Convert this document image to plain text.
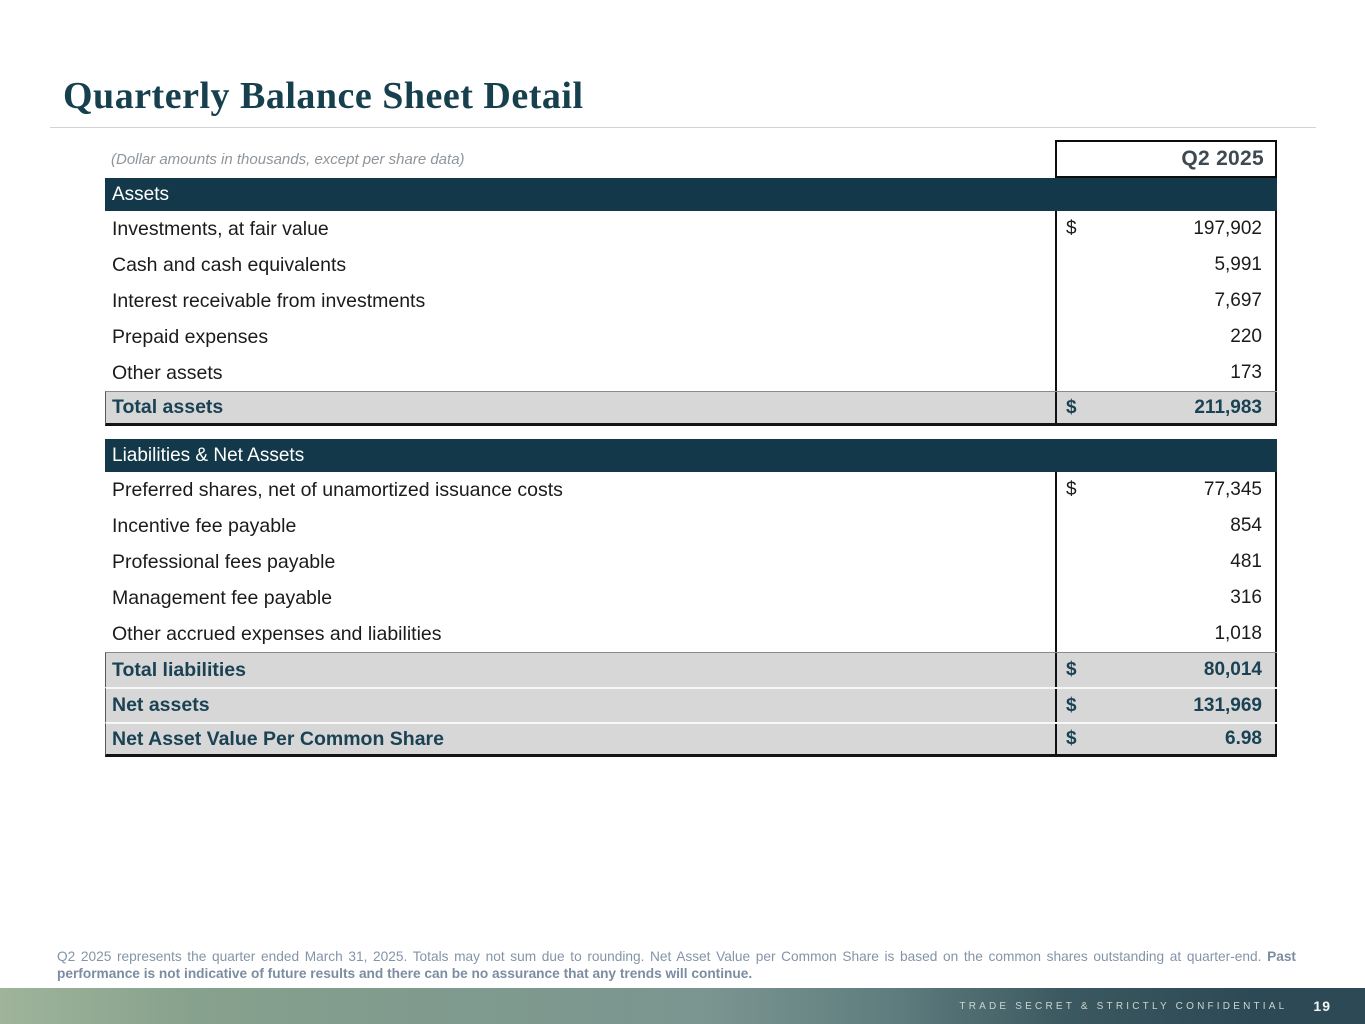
Quarterly Balance Sheet Detail
(Dollar amounts in thousands, except per share data)	Q2 2025
Assets
Investments, at fair value	$	197,902
Cash and cash equivalents	5,991
Interest receivable from investments	7,697
Prepaid expenses	220
Other assets	173
Total assets	$	211,983
Liabilities & Net Assets
Preferred shares, net of unamortized issuance costs	$	77,345
Incentive fee payable	854
Professional fees payable	481
Management fee payable	316
Other accrued expenses and liabilities	1,018
Total liabilities	$	80,014
Net assets	$	131,969
Net Asset Value Per Common Share	$	6.98
Q2 2025 represents the quarter ended March 31, 2025. Totals may not sum due to rounding. Net Asset Value per Common Share is based on the common shares outstanding at quarter-end. Past performance is not indicative of future results and there can be no assurance that any trends will continue.
TRADE SECRET & STRICTLY CONFIDENTIAL 19
